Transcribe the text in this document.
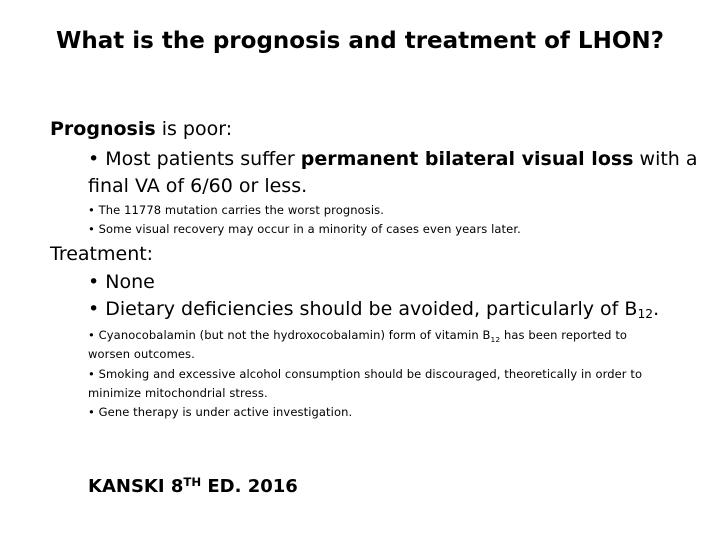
What is the prognosis and treatment of LHON?
Prognosis is poor:
• Most patients suffer permanent bilateral visual loss with a
final VA of 6/60 or less.
• The 11778 mutation carries the worst prognosis.
• Some visual recovery may occur in a minority of cases even years later.
Treatment:
• None
• Dietary deficiencies should be avoided, particularly of $B_{12}$.
• Cyanocobalamin (but not the hydroxocobalamin) form of vitamin $B_{12}$ has been reported to
worsen outcomes.
• Smoking and excessive alcohol consumption should be discouraged, theoretically in order to
minimize mitochondrial stress.
• Gene therapy is under active investigation.
KANSKI 8TH ED. 2016
